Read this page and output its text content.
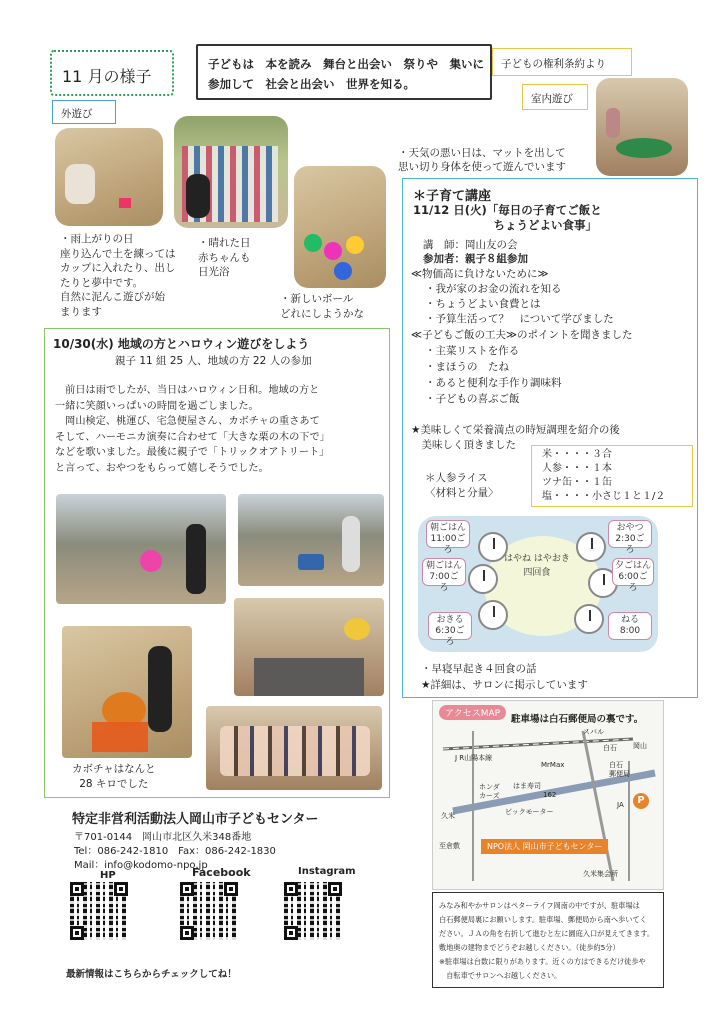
11 月の様子
子どもは　本を読み　舞台と出会い　祭りや　集いに
参加して　社会と出会い　世界を知る。
子どもの権利条約より
室内遊び
外遊び
・雨上がりの日
座り込んで土を練っては
カップに入れたり、出し
たりと夢中です。
自然に泥んこ遊びが始
まります
・晴れた日
赤ちゃんも
日光浴
・新しいボール
どれにしようかな
・天気の悪い日は、マットを出して
思い切り身体を使って遊んでいます
＊子育て講座
11/12 日(火)「毎日の子育てご飯と
　　　　　　　ちょうどよい食事」
講　師：岡山友の会
参加者：親子８組参加
≪物価高に負けないために≫
・我が家のお金の流れを知る
・ちょうどよい食費とは
・予算生活って？　について学びました
≪子どもご飯の工夫≫のポイントを聞きました
・主菜リストを作る
・まほうの　たね
・あると便利な手作り調味料
・子どもの喜ぶご飯
★美味しくて栄養満点の時短調理を紹介の後
　美味しく頂きました
＊人参ライス
〈材料と分量〉
米・・・・３合
人参・・・１本
ツナ缶・・１缶
塩・・・・小さじ１と１/２
・早寝早起き４回食の話
★詳細は、サロンに掲示しています
はやね はやおき
四回食
朝ごはん
11:00ごろ
朝ごはん
7:00ごろ
おきる
6:30ごろ
おやつ
2:30ごろ
夕ごはん
6:00ごろ
ねる
8:00
10/30(水) 地域の方とハロウィン遊びをしよう
親子 11 組 25 人、地域の方 22 人の参加
　前日は雨でしたが、当日はハロウィン日和。地域の方と
一緒に笑顔いっぱいの時間を過ごしました。
　岡山検定、桃運び、宅急便屋さん、カボチャの重さあて
そして、ハーモニカ演奏に合わせて「大きな栗の木の下で」
などを歌いました。最後に親子で「トリックオアトリート」
と言って、おやつをもらって嬉しそうでした。
カボチャはなんと
28 キロでした
特定非営利活動法人岡山市子どもセンター
〒701-0144　岡山市北区久米348番地
Tel：086-242-1810　Fax：086-242-1830
Mail：info@kodomo-npo.jp
HP	Facebook	Instagram
最新情報はこちらからチェックしてね！
アクセスMAP	駐車場は白石郵便局の裏です。
J R山陽本線
スバル
白石 岡山
MrMax
ホンダ
カーズ
はま寿司
白石
郵便局
JA
ビックモーター
162
至倉敷
久米
久米集会所
NPO法人 岡山市子どもセンター
P
みなみ和やかサロンはペターライフ岡南の中ですが、駐車場は
白石郵便局裏にお願いします。駐車場、郵便局から南へ歩いてく
ださい。ＪＡの角を右折して進むと左に園庭入口が見えてきます。
敷地奥の建物までどうぞお越しください。（徒歩約5分）
※駐車場は台数に限りがあります。近くの方はできるだけ徒歩や
　自転車でサロンへお越しください。
